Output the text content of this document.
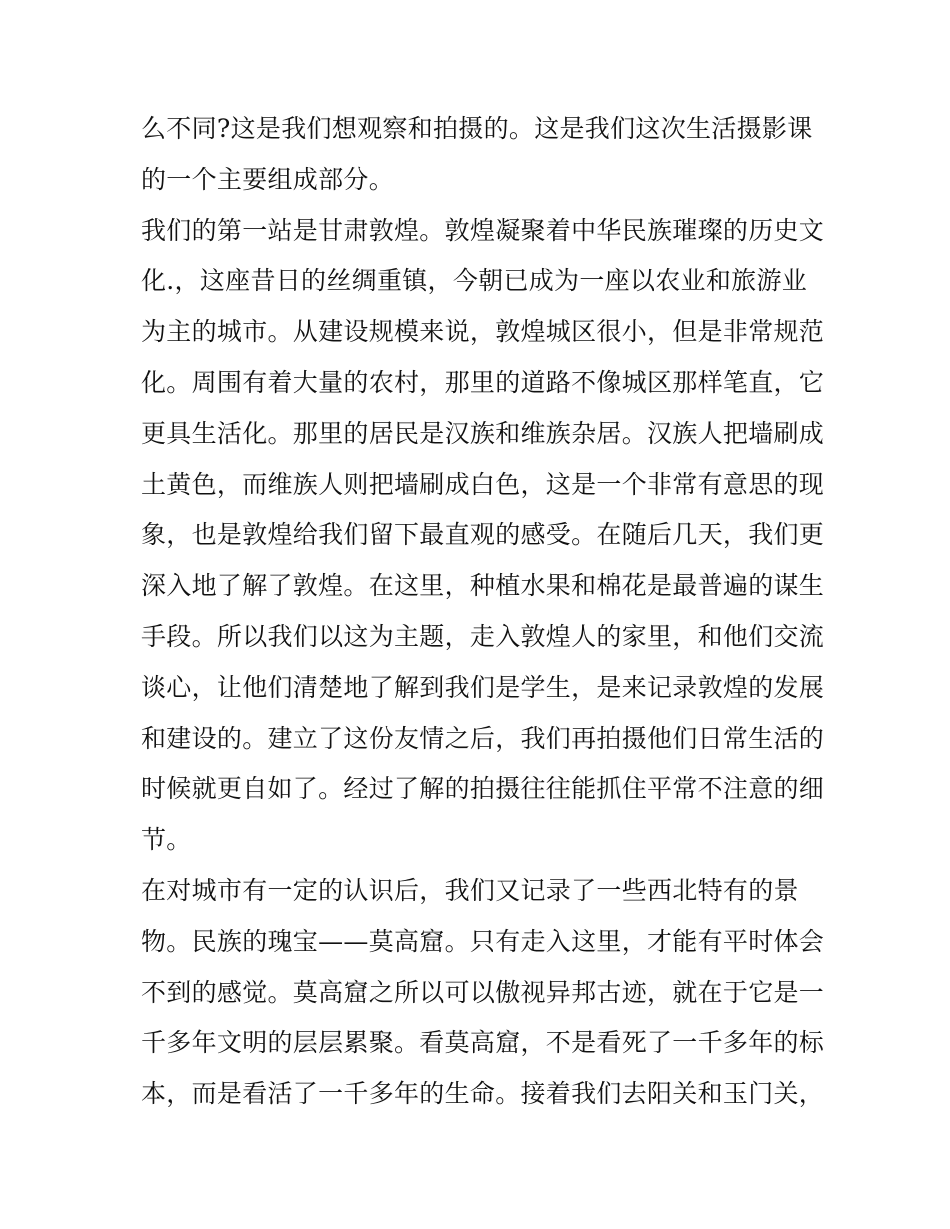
么不同?这是我们想观察和拍摄的。这是我们这次生活摄影课
的一个主要组成部分。
我们的第一站是甘肃敦煌。敦煌凝聚着中华民族璀璨的历史文
化.，这座昔日的丝绸重镇，今朝已成为一座以农业和旅游业
为主的城市。从建设规模来说，敦煌城区很小，但是非常规范
化。周围有着大量的农村，那里的道路不像城区那样笔直，它
更具生活化。那里的居民是汉族和维族杂居。汉族人把墙刷成
土黄色，而维族人则把墙刷成白色，这是一个非常有意思的现
象，也是敦煌给我们留下最直观的感受。在随后几天，我们更
深入地了解了敦煌。在这里，种植水果和棉花是最普遍的谋生
手段。所以我们以这为主题，走入敦煌人的家里，和他们交流
谈心，让他们清楚地了解到我们是学生，是来记录敦煌的发展
和建设的。建立了这份友情之后，我们再拍摄他们日常生活的
时候就更自如了。经过了解的拍摄往往能抓住平常不注意的细
节。
在对城市有一定的认识后，我们又记录了一些西北特有的景
物。民族的瑰宝——莫高窟。只有走入这里，才能有平时体会
不到的感觉。莫高窟之所以可以傲视异邦古迹，就在于它是一
千多年文明的层层累聚。看莫高窟，不是看死了一千多年的标
本，而是看活了一千多年的生命。接着我们去阳关和玉门关，
